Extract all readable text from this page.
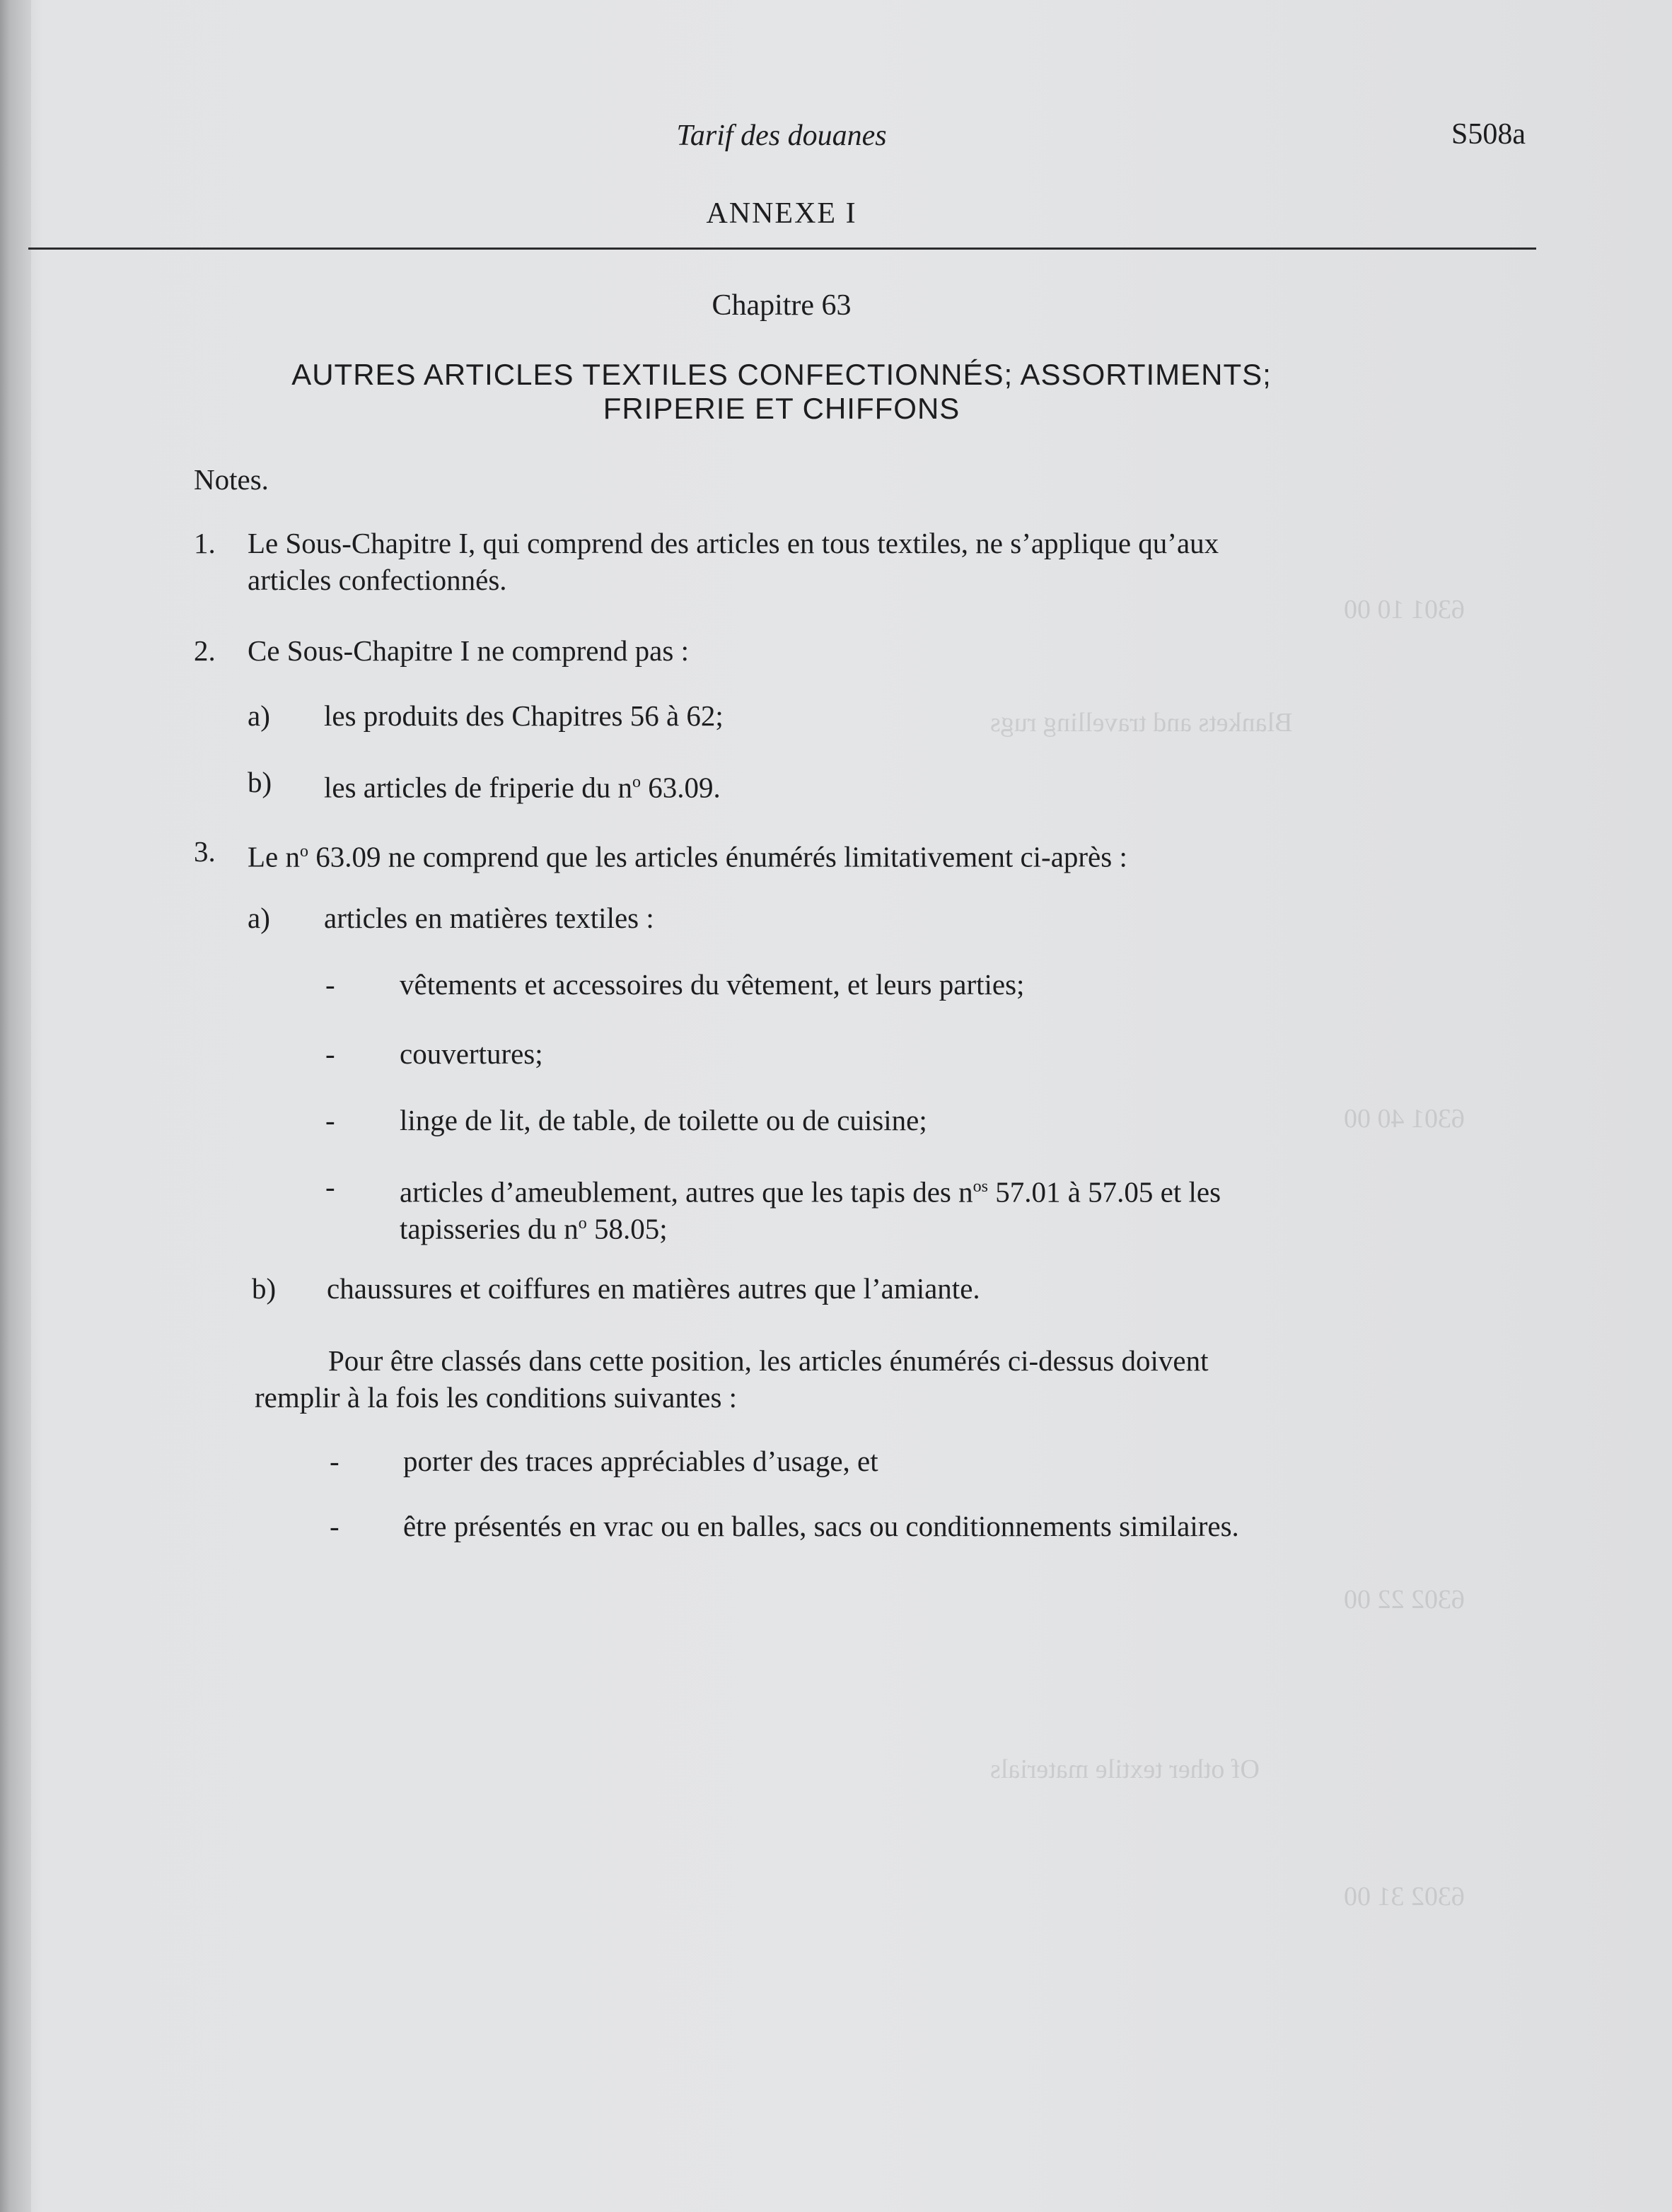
6301 10 00
Blankets and travelling rugs
6301 40 00
6302 22 00
Of other textile materials
6302 31 00
Tarif des douanes	S508a
ANNEXE I
Chapitre 63
AUTRES ARTICLES TEXTILES CONFECTIONNÉS; ASSORTIMENTS;
FRIPERIE ET CHIFFONS
Notes.
1. Le Sous-Chapitre I, qui comprend des articles en tous textiles, ne s’applique qu’aux
articles confectionnés.
2. Ce Sous-Chapitre I ne comprend pas :
a) les produits des Chapitres 56 à 62;
b) les articles de friperie du $n^o$ 63.09.
3. Le $n^o$ 63.09 ne comprend que les articles énumérés limitativement ci-après :
a) articles en matières textiles :
- vêtements et accessoires du vêtement, et leurs parties;
- couvertures;
- linge de lit, de table, de toilette ou de cuisine;
- articles d’ameublement, autres que les tapis des $n^{os}$ 57.01 à 57.05 et les
tapisseries du $n^o$ 58.05;
b) chaussures et coiffures en matières autres que l’amiante.
Pour être classés dans cette position, les articles énumérés ci-dessus doivent
remplir à la fois les conditions suivantes :
- porter des traces appréciables d’usage, et
- être présentés en vrac ou en balles, sacs ou conditionnements similaires.
